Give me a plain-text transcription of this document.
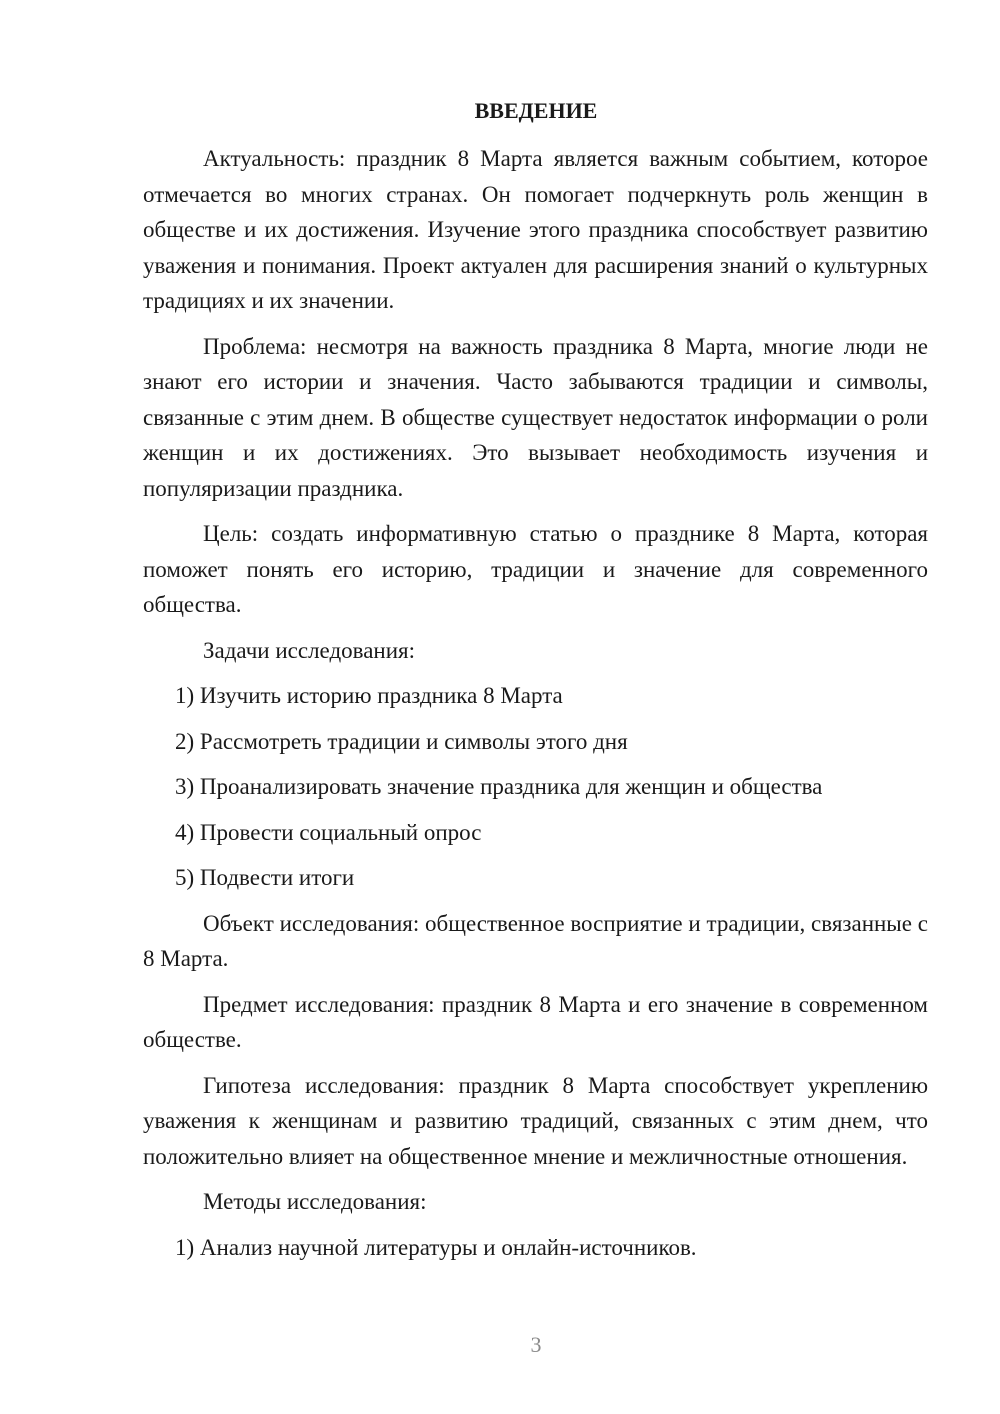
ВВЕДЕНИЕ

Актуальность: праздник 8 Марта является важным событием, которое отмечается во многих странах. Он помогает подчеркнуть роль женщин в обществе и их достижения. Изучение этого праздника способствует развитию уважения и понимания. Проект актуален для расширения знаний о культурных традициях и их значении.

Проблема: несмотря на важность праздника 8 Марта, многие люди не знают его истории и значения. Часто забываются традиции и символы, связанные с этим днем. В обществе существует недостаток информации о роли женщин и их достижениях. Это вызывает необходимость изучения и популяризации праздника.

Цель: создать информативную статью о празднике 8 Марта, которая поможет понять его историю, традиции и значение для современного общества.

Задачи исследования:

1) Изучить историю праздника 8 Марта

2) Рассмотреть традиции и символы этого дня

3) Проанализировать значение праздника для женщин и общества

4) Провести социальный опрос

5) Подвести итоги

Объект исследования: общественное восприятие и традиции, связанные с 8 Марта.

Предмет исследования: праздник 8 Марта и его значение в современном обществе.

Гипотеза исследования: праздник 8 Марта способствует укреплению уважения к женщинам и развитию традиций, связанных с этим днем, что положительно влияет на общественное мнение и межличностные отношения.

Методы исследования:

1) Анализ научной литературы и онлайн-источников.

3
